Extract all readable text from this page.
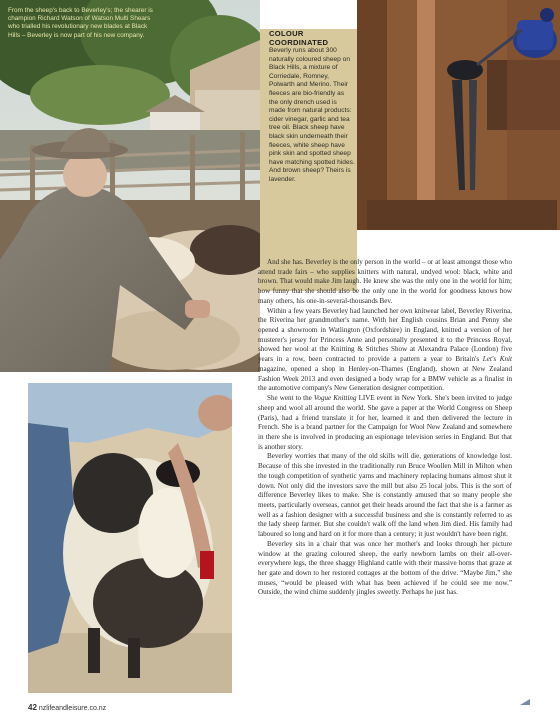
From the sheep's back to Beverley's; the shearer is champion Richard Watson of Watson Multi Shears who trialled his revolutionary new blades at Black Hills – Beverley is now part of his new company.	COLOUR COORDINATED
Beverly runs about 300 naturally coloured sheep on Black Hills, a mixture of Corriedale, Romney, Polwarth and Merino. Their fleeces are bio-friendly as the only drench used is made from natural products: cider vinegar, garlic and tea tree oil. Black sheep have black skin underneath their fleeces, white sheep have pink skin and spotted sheep have matching spotted hides. And brown sheep? Theirs is lavender.

And she has. Beverley is the only person in the world – or at least amongst those who attend trade fairs – who supplies knitters with natural, undyed wool: black, white and brown. That would make Jim laugh. He knew she was the only one in the world for him; how funny that she should also be the only one in the world for goodness knows how many others, his one-in-several-thousands Bev.

Within a few years Beverley had launched her own knitwear label, Beverley Riverina, the Riverina her grandmother's name. With her English cousins Brian and Penny she opened a showroom in Watlington (Oxfordshire) in England, knitted a version of her musterer's jersey for Princess Anne and personally presented it to the Princess Royal, showed her wool at the Knitting & Stitches Show at Alexandra Palace (London) five years in a row, been contracted to provide a pattern a year to Britain's Let's Knit magazine, opened a shop in Henley-on-Thames (England), shown at New Zealand Fashion Week 2013 and even designed a body wrap for a BMW vehicle as a finalist in the automotive company's New Generation designer competition.

She went to the Vogue Knitting LIVE event in New York. She's been invited to judge sheep and wool all around the world. She gave a paper at the World Congress on Sheep (Paris), had a friend translate it for her, learned it and then delivered the lecture in French. She is a brand partner for the Campaign for Wool New Zealand and somewhere in there she is involved in producing an espionage television series in England. But that is another story.

Beverley worries that many of the old skills will die, generations of knowledge lost. Because of this she invested in the traditionally run Bruce Woollen Mill in Milton when the tough competition of synthetic yarns and machinery replacing humans almost shut it down. Not only did the investors save the mill but also 25 local jobs. This is the sort of difference Beverley likes to make. She is constantly amused that so many people she meets, particularly overseas, cannot get their heads around the fact that she is a farmer as well as a fashion designer with a successful business and she is constantly referred to as the lady sheep farmer. But she couldn't walk off the land when Jim died. His family had laboured so long and hard on it for more than a century; it just wouldn't have been right.

Beverley sits in a chair that was once her mother's and looks through her picture window at the grazing coloured sheep, the early newborn lambs on their all-over-everywhere legs, the three shaggy Highland cattle with their massive horns that graze at her gate and down to her restored cottages at the bottom of the drive. “Maybe Jim,” she muses, “would be pleased with what has been achieved if he could see me now.” Outside, the wind chime suddenly jingles sweetly. Perhaps he just has.

42 nzlifeandleisure.co.nz
